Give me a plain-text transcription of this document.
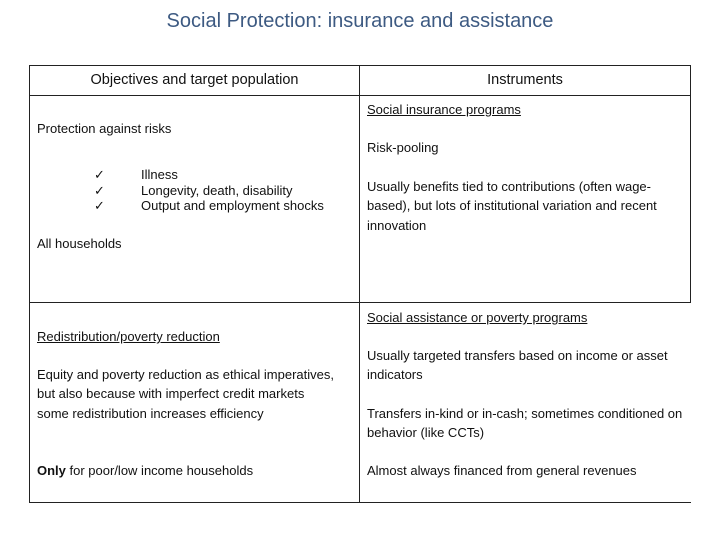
Social Protection: insurance and assistance
Objectives and target population	Instruments
Protection against risks
✓
✓
✓
Illness
Longevity, death, disability
Output and employment shocks
All households
Social insurance programs
Risk-pooling
Usually benefits tied to contributions (often wage-based), but lots of institutional variation and recent innovation
Redistribution/poverty reduction
Equity and poverty reduction as ethical imperatives, but also because with imperfect credit markets some redistribution increases efficiency
Only for poor/low income households
Social assistance or poverty programs
Usually targeted transfers based on income or asset indicators
Transfers in-kind or in-cash; sometimes conditioned on behavior (like CCTs)
Almost always financed from general revenues
